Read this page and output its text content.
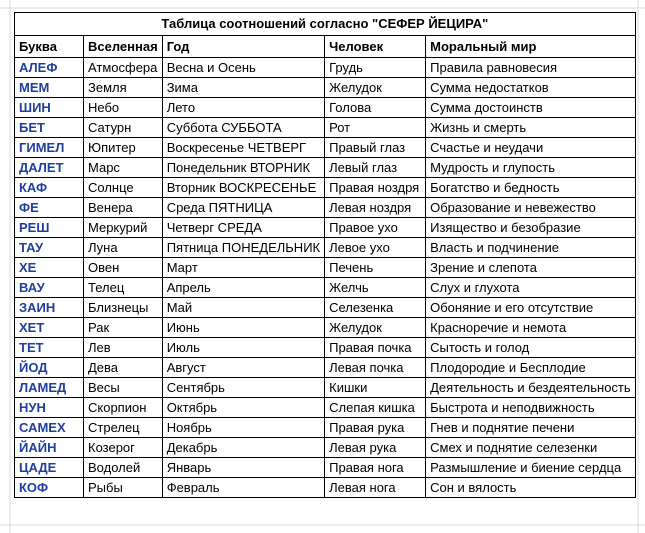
Таблица соотношений согласно "СЕФЕР ЙЕЦИРА"				
Буква	Вселенная	Год	Человек	Моральный мир
АЛЕФ	Атмосфера	Весна и Осень	Грудь	Правила равновесия
МЕМ	Земля	Зима	Желудок	Сумма недостатков
ШИН	Небо	Лето	Голова	Сумма достоинств
БЕТ	Сатурн	Суббота СУББОТА	Рот	Жизнь и смерть
ГИМЕЛ	Юпитер	Воскресенье ЧЕТВЕРГ	Правый глаз	Счастье и неудачи
ДАЛЕТ	Марс	Понедельник ВТОРНИК	Левый глаз	Мудрость и глупость
КАФ	Солнце	Вторник ВОСКРЕСЕНЬЕ	Правая ноздря	Богатство и бедность
ФЕ	Венера	Среда ПЯТНИЦА	Левая ноздря	Образование и невежество
РЕШ	Меркурий	Четверг СРЕДА	Правое ухо	Изящество и безобразие
ТАУ	Луна	Пятница ПОНЕДЕЛЬНИК	Левое ухо	Власть и подчинение
ХЕ	Овен	Март	Печень	Зрение и слепота
ВАУ	Телец	Апрель	Желчь	Слух и глухота
ЗАИН	Близнецы	Май	Селезенка	Обоняние и его отсутствие
ХЕТ	Рак	Июнь	Желудок	Красноречие и немота
ТЕТ	Лев	Июль	Правая почка	Сытость и голод
ЙОД	Дева	Август	Левая почка	Плодородие и Бесплодие
ЛАМЕД	Весы	Сентябрь	Кишки	Деятельность и бездеятельность
НУН	Скорпион	Октябрь	Слепая кишка	Быстрота и неподвижность
САМЕХ	Стрелец	Ноябрь	Правая рука	Гнев и поднятие печени
ЙАЙН	Козерог	Декабрь	Левая рука	Смех и поднятие селезенки
ЦАДЕ	Водолей	Январь	Правая нога	Размышление и биение сердца
КОФ	Рыбы	Февраль	Левая нога	Сон и вялость
